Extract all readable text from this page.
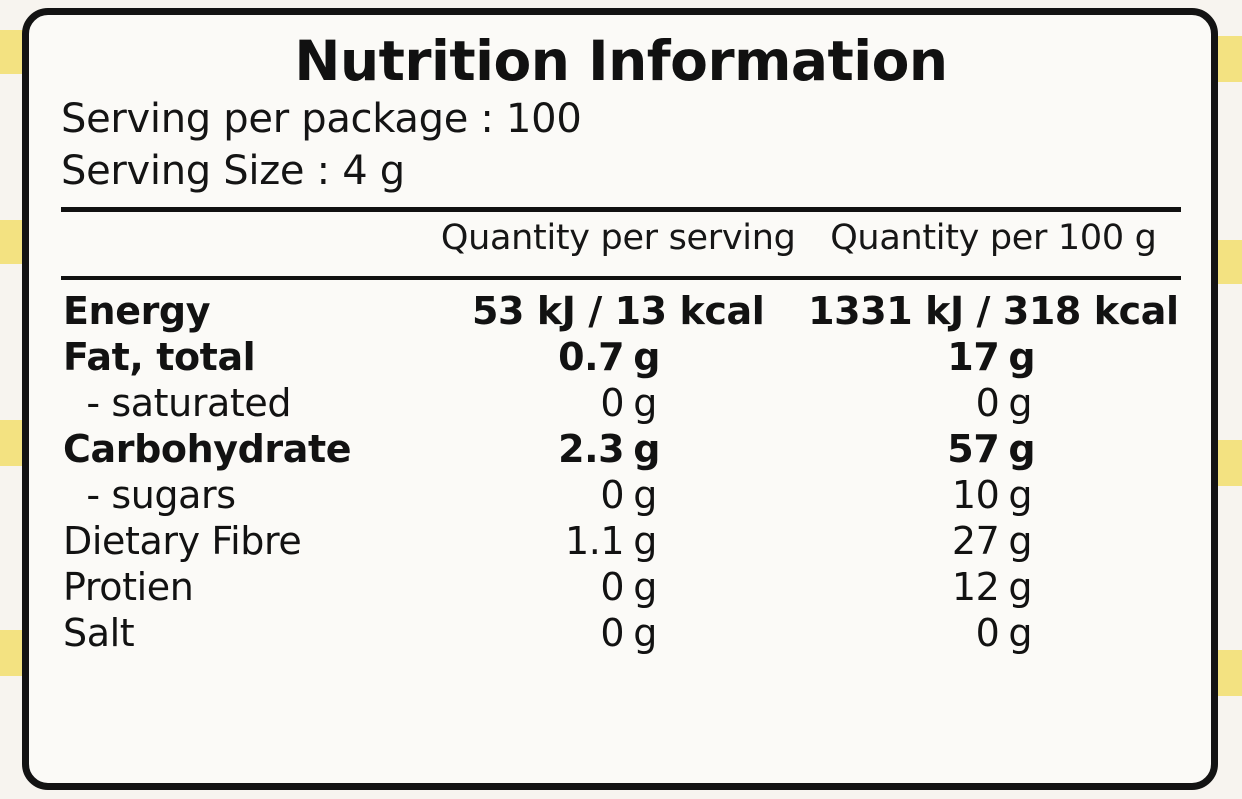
Nutrition Information
Serving per package : 100
Serving Size : 4 g
	Quantity per serving	Quantity per 100 g
Energy	53 kJ / 13 kcal	1331 kJ / 318 kcal
Fat, total	0.7 g	17 g
- saturated	0 g	0 g
Carbohydrate	2.3 g	57 g
- sugars	0 g	10 g
Dietary Fibre	1.1 g	27 g
Protien	0 g	12 g
Salt	0 g	0 g
